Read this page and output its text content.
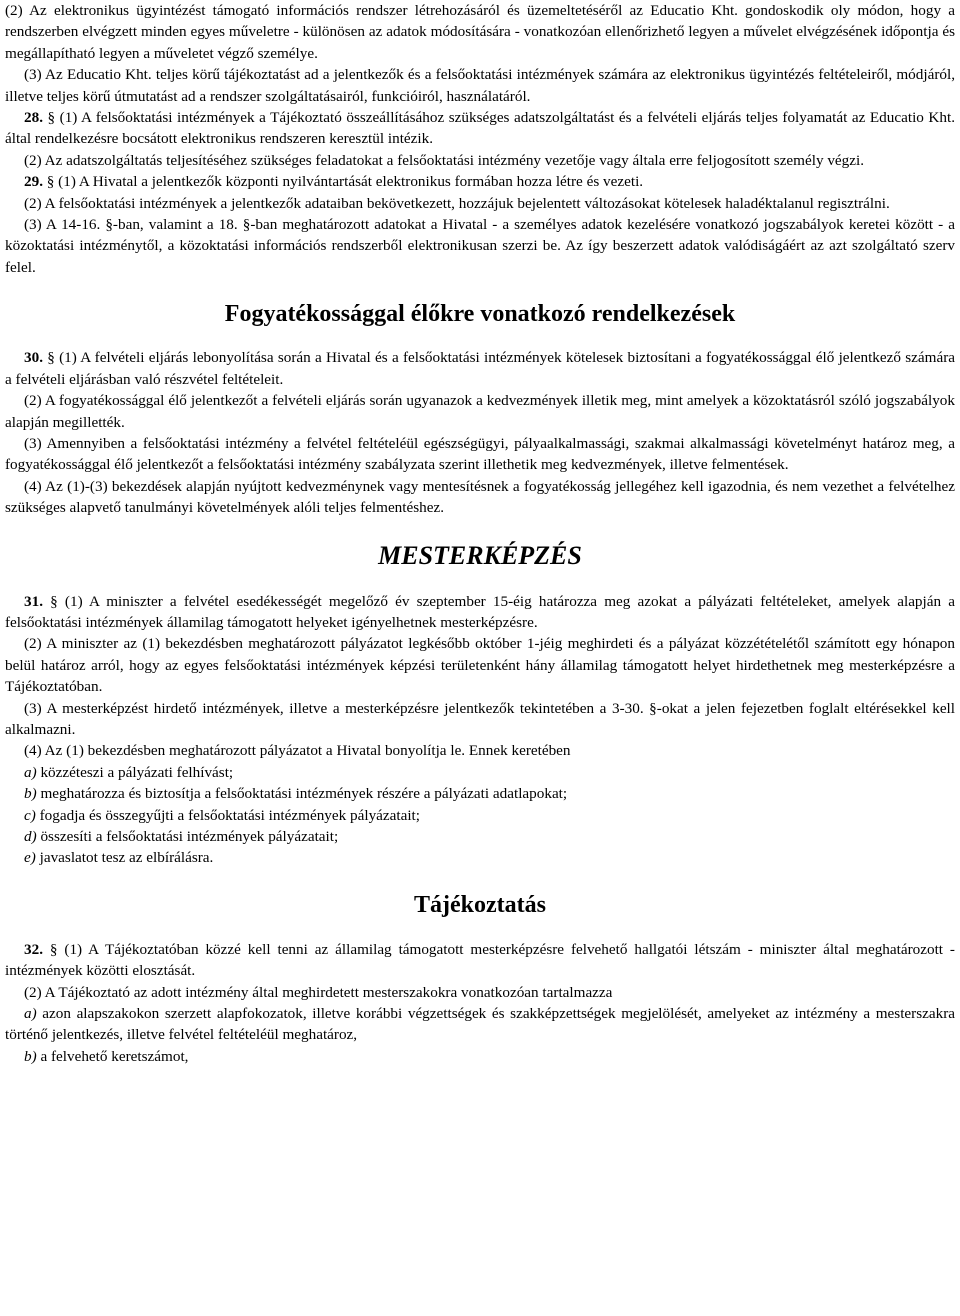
(2) Az elektronikus ügyintézést támogató információs rendszer létrehozásáról és üzemeltetéséről az Educatio Kht. gondoskodik oly módon, hogy a rendszerben elvégzett minden egyes műveletre - különösen az adatok módosítására - vonatkozóan ellenőrizhető legyen a művelet elvégzésének időpontja és megállapítható legyen a műveletet végző személye.

(3) Az Educatio Kht. teljes körű tájékoztatást ad a jelentkezők és a felsőoktatási intézmények számára az elektronikus ügyintézés feltételeiről, módjáról, illetve teljes körű útmutatást ad a rendszer szolgáltatásairól, funkcióiról, használatáról.

28. § (1) A felsőoktatási intézmények a Tájékoztató összeállításához szükséges adatszolgáltatást és a felvételi eljárás teljes folyamatát az Educatio Kht. által rendelkezésre bocsátott elektronikus rendszeren keresztül intézik.

(2) Az adatszolgáltatás teljesítéséhez szükséges feladatokat a felsőoktatási intézmény vezetője vagy általa erre feljogosított személy végzi.

29. § (1) A Hivatal a jelentkezők központi nyilvántartását elektronikus formában hozza létre és vezeti.

(2) A felsőoktatási intézmények a jelentkezők adataiban bekövetkezett, hozzájuk bejelentett változásokat kötelesek haladéktalanul regisztrálni.

(3) A 14-16. §-ban, valamint a 18. §-ban meghatározott adatokat a Hivatal - a személyes adatok kezelésére vonatkozó jogszabályok keretei között - a közoktatási intézménytől, a közoktatási információs rendszerből elektronikusan szerzi be. Az így beszerzett adatok valódiságáért az azt szolgáltató szerv felel.

Fogyatékossággal élőkre vonatkozó rendelkezések

30. § (1) A felvételi eljárás lebonyolítása során a Hivatal és a felsőoktatási intézmények kötelesek biztosítani a fogyatékossággal élő jelentkező számára a felvételi eljárásban való részvétel feltételeit.

(2) A fogyatékossággal élő jelentkezőt a felvételi eljárás során ugyanazok a kedvezmények illetik meg, mint amelyek a közoktatásról szóló jogszabályok alapján megillették.

(3) Amennyiben a felsőoktatási intézmény a felvétel feltételéül egészségügyi, pályaalkalmassági, szakmai alkalmassági követelményt határoz meg, a fogyatékossággal élő jelentkezőt a felsőoktatási intézmény szabályzata szerint illethetik meg kedvezmények, illetve felmentések.

(4) Az (1)-(3) bekezdések alapján nyújtott kedvezménynek vagy mentesítésnek a fogyatékosság jellegéhez kell igazodnia, és nem vezethet a felvételhez szükséges alapvető tanulmányi követelmények alóli teljes felmentéshez.

MESTERKÉPZÉS

31. § (1) A miniszter a felvétel esedékességét megelőző év szeptember 15-éig határozza meg azokat a pályázati feltételeket, amelyek alapján a felsőoktatási intézmények államilag támogatott helyeket igényelhetnek mesterképzésre.

(2) A miniszter az (1) bekezdésben meghatározott pályázatot legkésőbb október 1-jéig meghirdeti és a pályázat közzétételétől számított egy hónapon belül határoz arról, hogy az egyes felsőoktatási intézmények képzési területenként hány államilag támogatott helyet hirdethetnek meg mesterképzésre a Tájékoztatóban.

(3) A mesterképzést hirdető intézmények, illetve a mesterképzésre jelentkezők tekintetében a 3-30. §-okat a jelen fejezetben foglalt eltérésekkel kell alkalmazni.

(4) Az (1) bekezdésben meghatározott pályázatot a Hivatal bonyolítja le. Ennek keretében

a) közzéteszi a pályázati felhívást;

b) meghatározza és biztosítja a felsőoktatási intézmények részére a pályázati adatlapokat;

c) fogadja és összegyűjti a felsőoktatási intézmények pályázatait;

d) összesíti a felsőoktatási intézmények pályázatait;

e) javaslatot tesz az elbírálásra.

Tájékoztatás

32. § (1) A Tájékoztatóban közzé kell tenni az államilag támogatott mesterképzésre felvehető hallgatói létszám - miniszter által meghatározott - intézmények közötti elosztását.

(2) A Tájékoztató az adott intézmény által meghirdetett mesterszakokra vonatkozóan tartalmazza

a) azon alapszakokon szerzett alapfokozatok, illetve korábbi végzettségek és szakképzettségek megjelölését, amelyeket az intézmény a mesterszakra történő jelentkezés, illetve felvétel feltételéül meghatároz,

b) a felvehető keretszámot,
